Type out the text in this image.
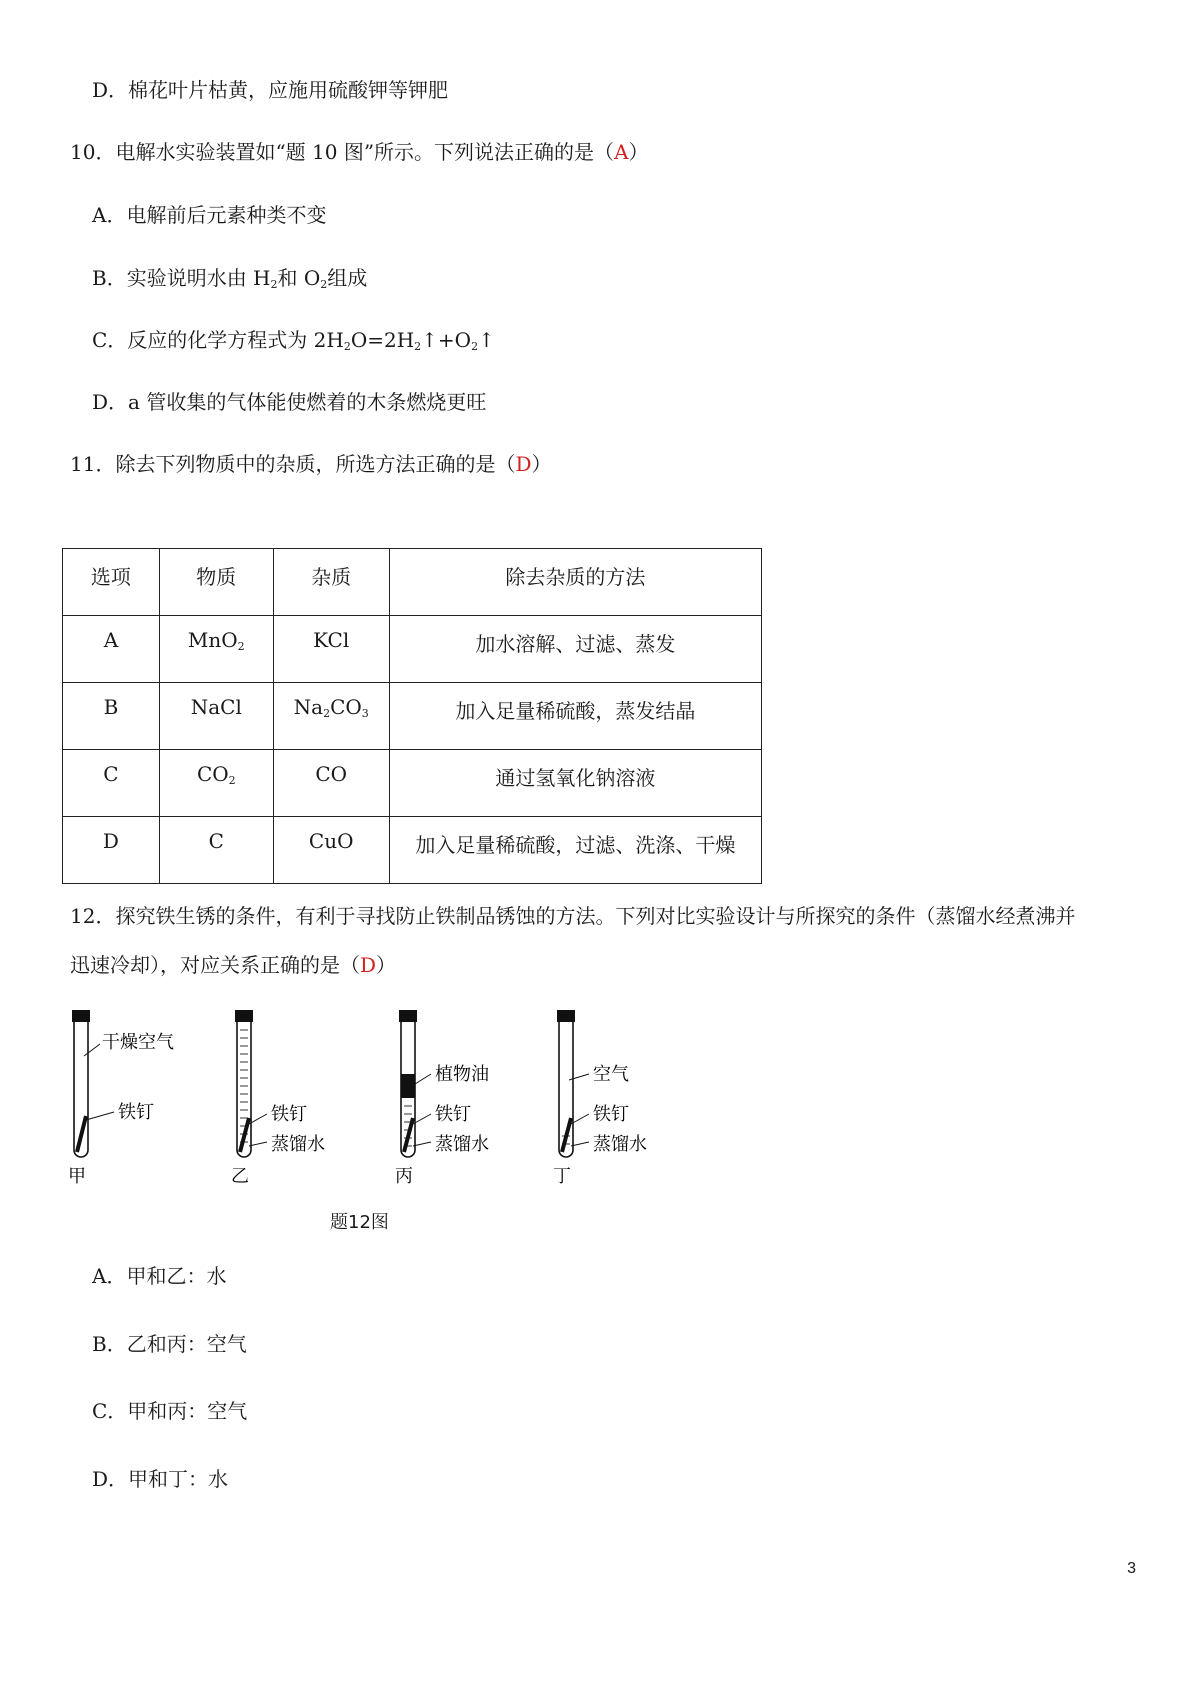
D．棉花叶片枯黄，应施用硫酸钾等钾肥
10．电解水实验装置如“题 10 图”所示。下列说法正确的是（A）
A．电解前后元素种类不变
B．实验说明水由 $H_2$和 $O_2$组成
C．反应的化学方程式为 $2H_2O=2H_2↑+O_2↑$
D．a 管收集的气体能使燃着的木条燃烧更旺
11．除去下列物质中的杂质，所选方法正确的是（D）
选项	物质	杂质	除去杂质的方法
A	MnO$_2$	KCl	加水溶解、过滤、蒸发
B	NaCl	$Na_2CO_3$	加入足量稀硫酸，蒸发结晶
C	$CO_2$	CO	通过氢氧化钠溶液
D	C	CuO	加入足量稀硫酸，过滤、洗涤、干燥
12．探究铁生锈的条件，有利于寻找防止铁制品锈蚀的方法。下列对比实验设计与所探究的条件（蒸馏水经煮沸并
迅速冷却），对应关系正确的是（D）
干燥空气
铁钉
甲
铁钉
蒸馏水
乙
植物油
铁钉
蒸馏水
丙
空气
铁钉
蒸馏水
丁
题12图
A．甲和乙：水
B．乙和丙：空气
C．甲和丙：空气
D．甲和丁：水
3
